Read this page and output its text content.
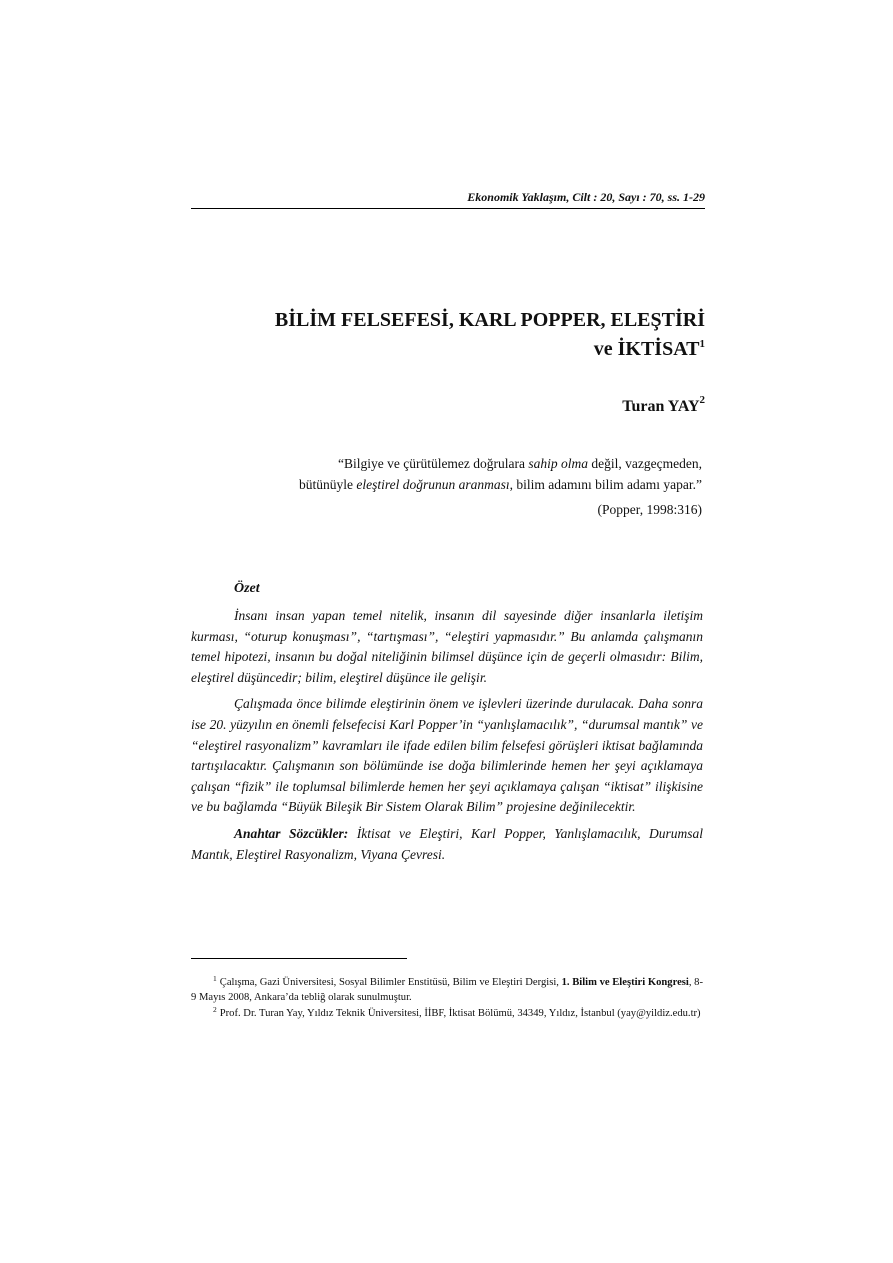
Ekonomik Yaklaşım, Cilt : 20, Sayı : 70, ss. 1-29
BİLİM FELSEFESİ, KARL POPPER, ELEŞTİRİ
ve İKTİSAT$^1$
Turan YAY$^2$
“Bilgiye ve çürütülemez doğrulara sahip olma değil, vazgeçmeden,
bütünüyle eleştirel doğrunun aranması, bilim adamını bilim adamı yapar.”
(Popper, 1998:316)
Özet

İnsanı insan yapan temel nitelik, insanın dil sayesinde diğer insanlarla iletişim kurması, “oturup konuşması”, “tartışması”, “eleştiri yapmasıdır.” Bu anlamda çalışmanın temel hipotezi, insanın bu doğal niteliğinin bilimsel düşünce için de geçerli olmasıdır: Bilim, eleştirel düşüncedir; bilim, eleştirel düşünce ile gelişir.

Çalışmada önce bilimde eleştirinin önem ve işlevleri üzerinde durulacak. Daha sonra ise 20. yüzyılın en önemli felsefecisi Karl Popper’in “yanlışlamacılık”, “durumsal mantık” ve “eleştirel rasyonalizm” kavramları ile ifade edilen bilim felsefesi görüşleri iktisat bağlamında tartışılacaktır. Çalışmanın son bölümünde ise doğa bilimlerinde hemen her şeyi açıklamaya çalışan “fizik” ile toplumsal bilimlerde hemen her şeyi açıklamaya çalışan “iktisat” ilişkisine ve bu bağlamda “Büyük Bileşik Bir Sistem Olarak Bilim” projesine değinilecektir.

Anahtar Sözcükler: İktisat ve Eleştiri, Karl Popper, Yanlışlamacılık, Durumsal Mantık, Eleştirel Rasyonalizm, Viyana Çevresi.

$^1$ Çalışma, Gazi Üniversitesi, Sosyal Bilimler Enstitüsü, Bilim ve Eleştiri Dergisi, 1. Bilim ve Eleştiri Kongresi, 8-9 Mayıs 2008, Ankara’da tebliğ olarak sunulmuştur.

$^2$ Prof. Dr. Turan Yay, Yıldız Teknik Üniversitesi, İİBF, İktisat Bölümü, 34349, Yıldız, İstanbul (yay@yildiz.edu.tr)
